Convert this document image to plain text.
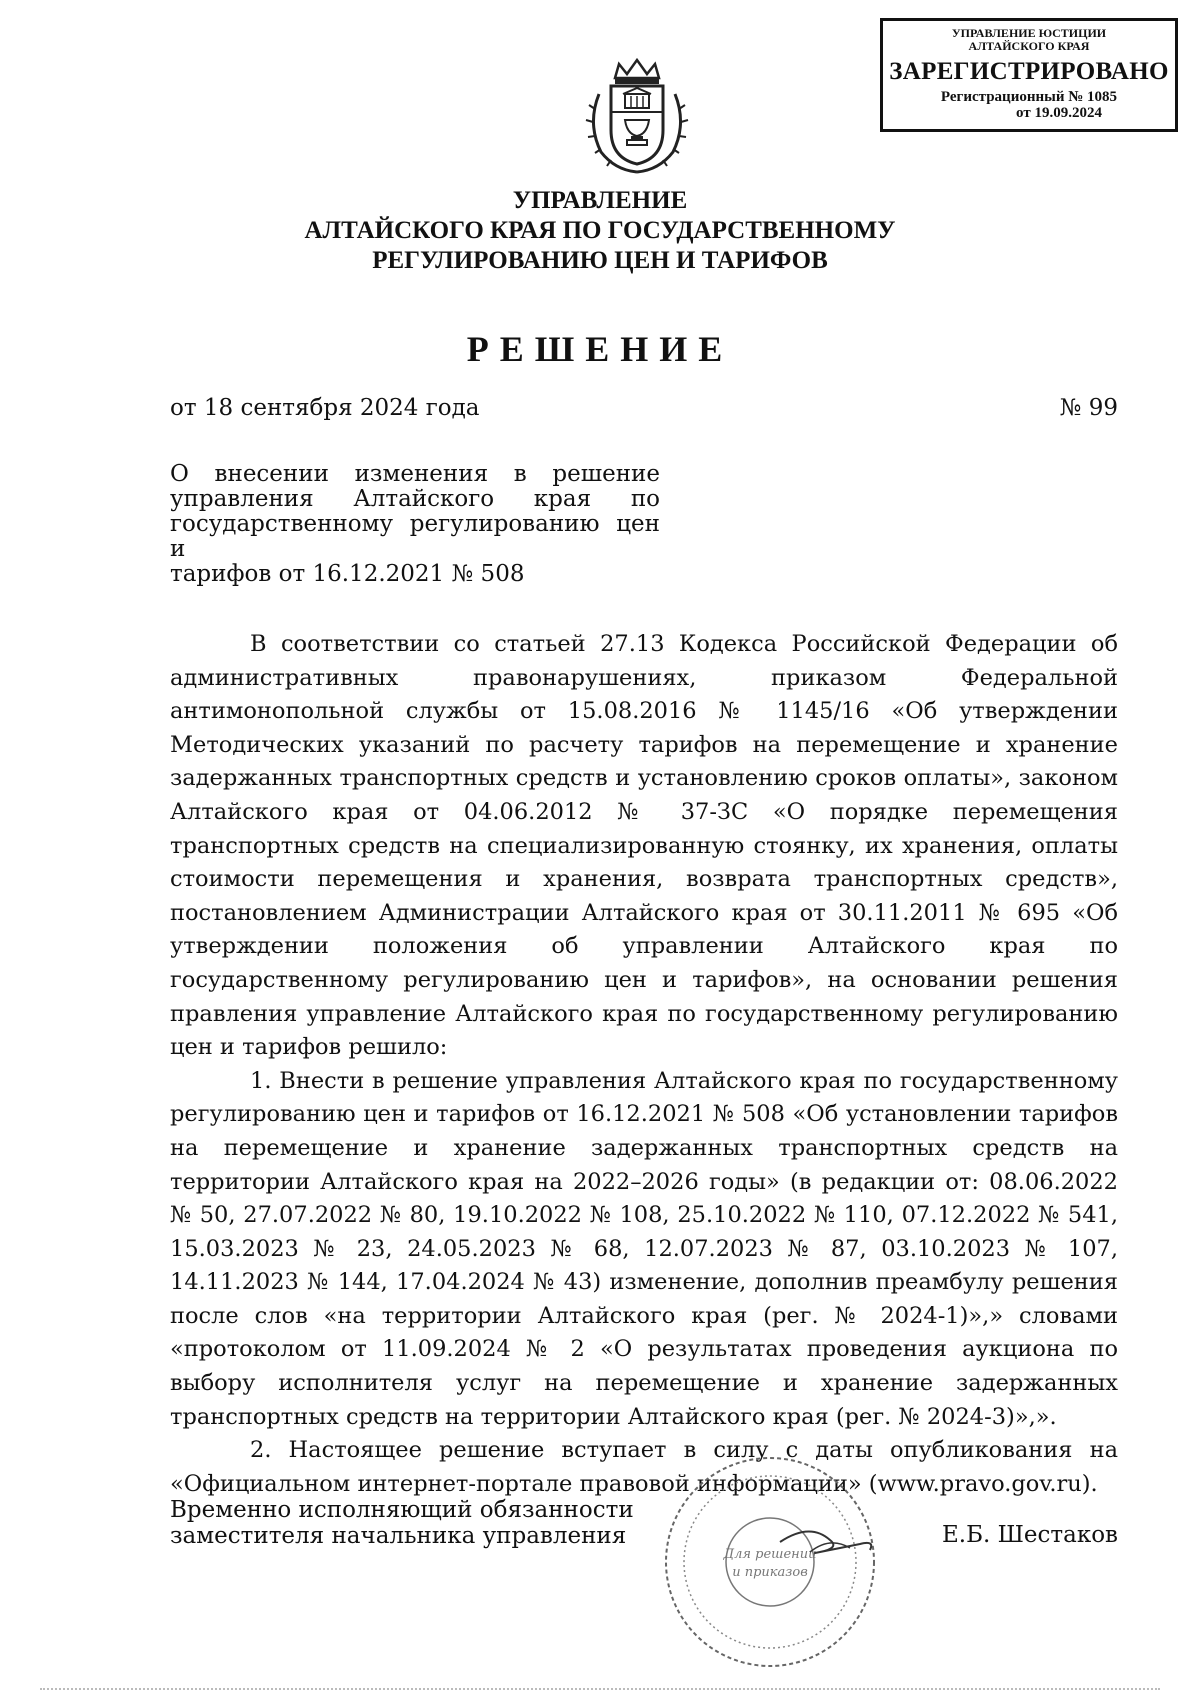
УПРАВЛЕНИЕ ЮСТИЦИИ
АЛТАЙСКОГО КРАЯ
ЗАРЕГИСТРИРОВАНО
Регистрационный № 1085
от 19.09.2024
УПРАВЛЕНИЕ
АЛТАЙСКОГО КРАЯ ПО ГОСУДАРСТВЕННОМУ
РЕГУЛИРОВАНИЮ ЦЕН И ТАРИФОВ
РЕШЕНИЕ
от 18 сентября 2024 года	№ 99
О внесении изменения в решение
управления Алтайского края по
государственному регулированию цен и
тарифов от 16.12.2021 № 508

В соответствии со статьей 27.13 Кодекса Российской Федерации об административных правонарушениях, приказом Федеральной антимонопольной службы от 15.08.2016 № 1145/16 «Об утверждении Методических указаний по расчету тарифов на перемещение и хранение задержанных транспортных средств и установлению сроков оплаты», законом Алтайского края от 04.06.2012 № 37-ЗС «О порядке перемещения транспортных средств на специализированную стоянку, их хранения, оплаты стоимости перемещения и хранения, возврата транспортных средств», постановлением Администрации Алтайского края от 30.11.2011 № 695 «Об утверждении положения об управлении Алтайского края по государственному регулированию цен и тарифов», на основании решения правления управление Алтайского края по государственному регулированию цен и тарифов решило:

1. Внести в решение управления Алтайского края по государственному регулированию цен и тарифов от 16.12.2021 № 508 «Об установлении тарифов на перемещение и хранение задержанных транспортных средств на территории Алтайского края на 2022–2026 годы» (в редакции от: 08.06.2022 № 50, 27.07.2022 № 80, 19.10.2022 № 108, 25.10.2022 № 110, 07.12.2022 № 541, 15.03.2023 № 23, 24.05.2023 № 68, 12.07.2023 № 87, 03.10.2023 № 107, 14.11.2023 № 144, 17.04.2024 № 43) изменение, дополнив преамбулу решения после слов «на территории Алтайского края (рег. № 2024-1)»,» словами «протоколом от 11.09.2024 № 2 «О результатах проведения аукциона по выбору исполнителя услуг на перемещение и хранение задержанных транспортных средств на территории Алтайского края (рег. № 2024-3)»,».

2. Настоящее решение вступает в силу с даты опубликования на «Официальном интернет-портале правовой информации» (www.pravo.gov.ru).

Временно исполняющий обязанности
заместителя начальника управления
Для решений
и приказов
Е.Б. Шестаков
